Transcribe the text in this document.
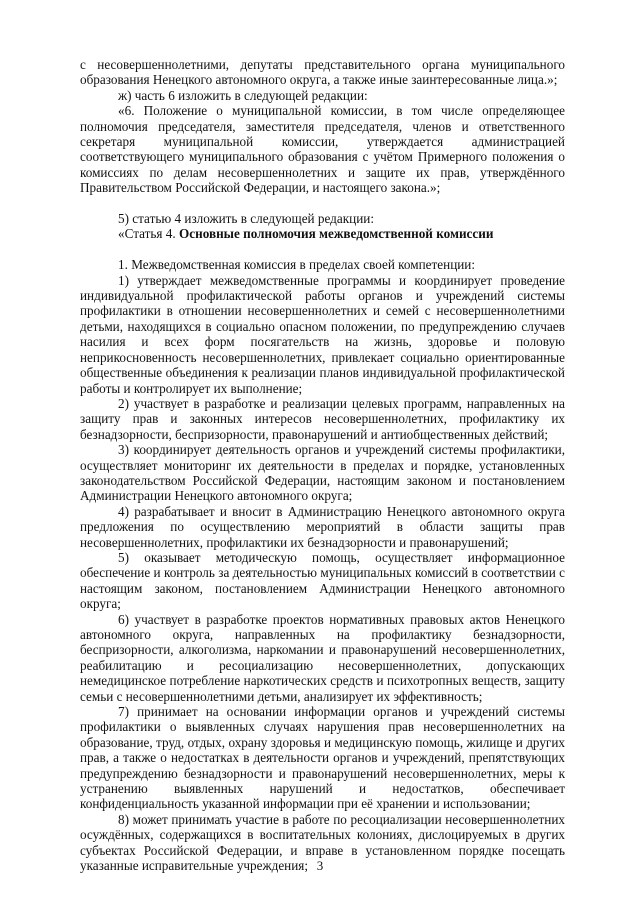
с несовершеннолетними, депутаты представительного органа муниципального образования Ненецкого автономного округа, а также иные заинтересованные лица.»;

ж) часть 6 изложить в следующей редакции:

«6. Положение о муниципальной комиссии, в том числе определяющее полномочия председателя, заместителя председателя, членов и ответственного секретаря муниципальной комиссии, утверждается администрацией соответствующего муниципального образования с учётом Примерного положения о комиссиях по делам несовершеннолетних и защите их прав, утверждённого Правительством Российской Федерации, и настоящего закона.»;

5) статью 4 изложить в следующей редакции:

«Статья 4. Основные полномочия межведомственной комиссии

1. Межведомственная комиссия в пределах своей компетенции:

1) утверждает межведомственные программы и координирует проведение индивидуальной профилактической работы органов и учреждений системы профилактики в отношении несовершеннолетних и семей с несовершеннолетними детьми, находящихся в социально опасном положении, по предупреждению случаев насилия и всех форм посягательств на жизнь, здоровье и половую неприкосновенность несовершеннолетних, привлекает социально ориентированные общественные объединения к реализации планов индивидуальной профилактической работы и контролирует их выполнение;

2) участвует в разработке и реализации целевых программ, направленных на защиту прав и законных интересов несовершеннолетних, профилактику их безнадзорности, беспризорности, правонарушений и антиобщественных действий;

3) координирует деятельность органов и учреждений системы профилактики, осуществляет мониторинг их деятельности в пределах и порядке, установленных законодательством Российской Федерации, настоящим законом и постановлением Администрации Ненецкого автономного округа;

4) разрабатывает и вносит в Администрацию Ненецкого автономного округа предложения по осуществлению мероприятий в области защиты прав несовершеннолетних, профилактики их безнадзорности и правонарушений;

5) оказывает методическую помощь, осуществляет информационное обеспечение и контроль за деятельностью муниципальных комиссий в соответствии с настоящим законом, постановлением Администрации Ненецкого автономного округа;

6) участвует в разработке проектов нормативных правовых актов Ненецкого автономного округа, направленных на профилактику безнадзорности, беспризорности, алкоголизма, наркомании и правонарушений несовершеннолетних, реабилитацию и ресоциализацию несовершеннолетних, допускающих немедицинское потребление наркотических средств и психотропных веществ, защиту семьи с несовершеннолетними детьми, анализирует их эффективность;

7) принимает на основании информации органов и учреждений системы профилактики о выявленных случаях нарушения прав несовершеннолетних на образование, труд, отдых, охрану здоровья и медицинскую помощь, жилище и других прав, а также о недостатках в деятельности органов и учреждений, препятствующих предупреждению безнадзорности и правонарушений несовершеннолетних, меры к устранению выявленных нарушений и недостатков, обеспечивает конфиденциальность указанной информации при её хранении и использовании;

8) может принимать участие в работе по ресоциализации несовершеннолетних осуждённых, содержащихся в воспитательных колониях, дислоцируемых в других субъектах Российской Федерации, и вправе в установленном порядке посещать указанные исправительные учреждения; 3
